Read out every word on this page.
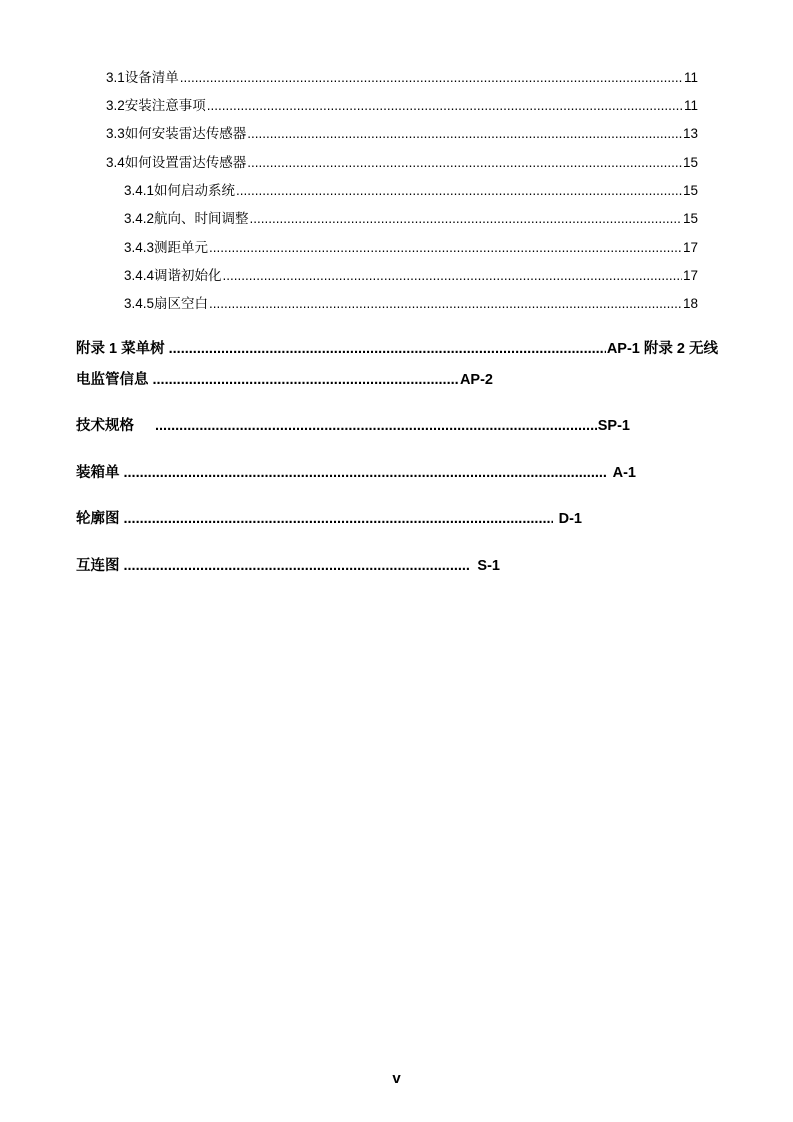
3.1 设备清单 .....	11
3.2 安装注意事项 .....	11
3.3 如何安装雷达传感器 .....	13
3.4 如何设置雷达传感器 .....	15
3.4.1 如何启动系统 .....	15
3.4.2 航向、时间调整 .....	15
3.4.3 测距单元 .....	17
3.4.4 调谐初始化 .....	17
3.4.5 扇区空白 .....	18
附录 1 菜单树 .....	AP-1 附录 2 无线
电监管信息 .....	AP-2
技术规格 .....	SP-1
装箱单 .....	A-1
轮廓图 .....	D-1
互连图 .....	S-1
v
